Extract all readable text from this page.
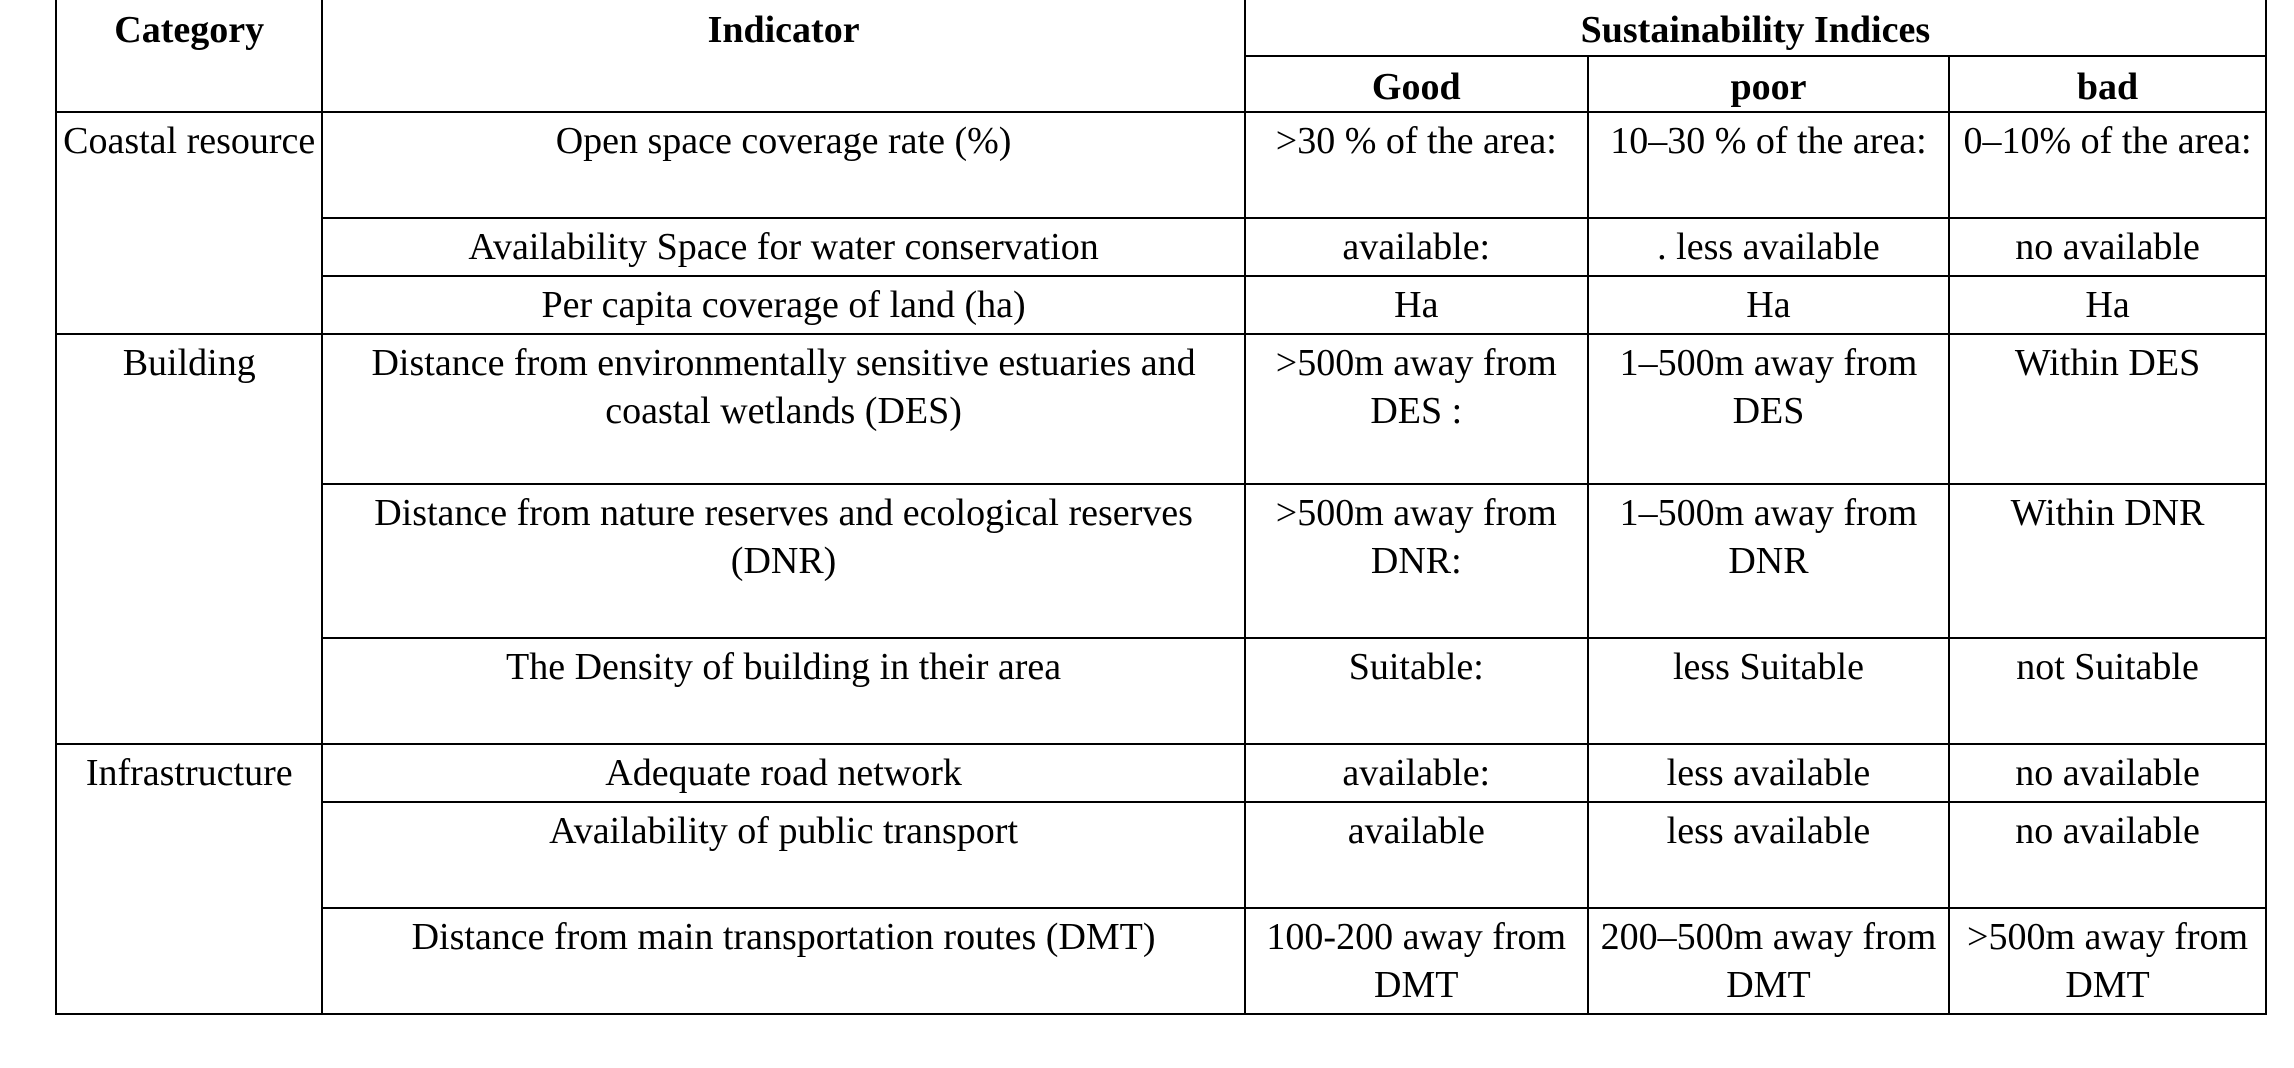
Category	Indicator	Sustainability Indices		
		Good	poor	bad
Coastal resource	Open space coverage rate (%)	>30 % of the area:	10–30 % of the area:	0–10% of the area:
	Availability Space for water conservation	available:	. less available	no available
	Per capita coverage of land (ha)	Ha	Ha	Ha
Building	Distance from environmentally sensitive estuaries and coastal wetlands (DES)	>500m away from DES :	1–500m away from DES	Within DES
	Distance from nature reserves and ecological reserves (DNR)	>500m away from DNR:	1–500m away from DNR	Within DNR
	The Density of building in their area	Suitable:	less Suitable	not Suitable
Infrastructure	Adequate road network	available:	less available	no available
	Availability of public transport	available	less available	no available
	Distance from main transportation routes (DMT)	100-200 away from DMT	200–500m away from DMT	>500m away from DMT
